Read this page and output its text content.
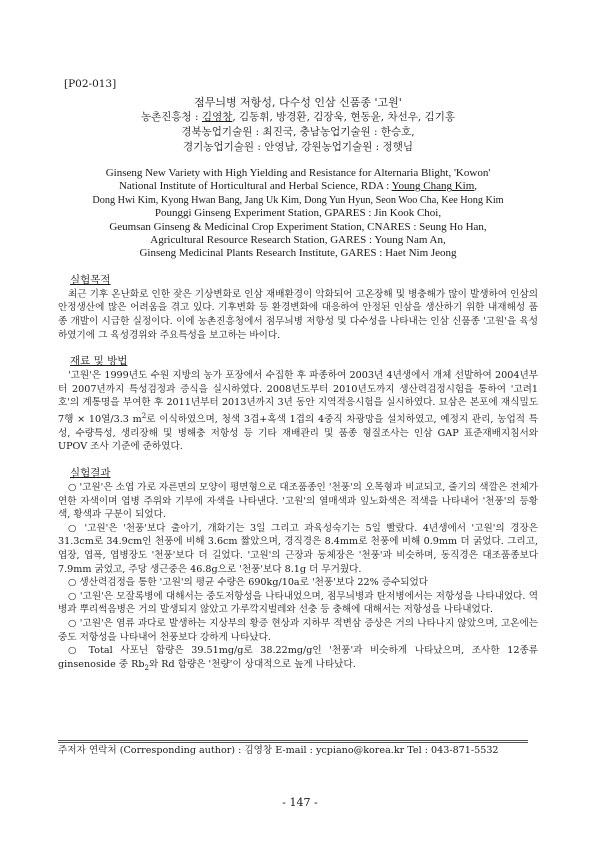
[P02-013]
점무늬병 저항성, 다수성 인삼 신품종 '고원'
농촌진흥청 : 김영창, 김동휘, 방경환, 김장욱, 현동윤, 차선우, 김기홍
경북농업기술원 : 최진국, 충남농업기술원 : 한승호,
경기농업기술원 : 안영남, 강원농업기술원 : 정햇님
Ginseng New Variety with High Yielding and Resistance for Alternaria Blight, 'Kowon'
National Institute of Horticultural and Herbal Science, RDA : Young Chang Kim,
Dong Hwi Kim, Kyong Hwan Bang, Jang Uk Kim, Dong Yun Hyun, Seon Woo Cha, Kee Hong Kim
Pounggi Ginseng Experiment Station, GPARES : Jin Kook Choi,
Geumsan Ginseng & Medicinal Crop Experiment Station, CNARES : Seung Ho Han,
Agricultural Resource Research Station, GARES : Young Nam An,
Ginseng Medicinal Plants Research Institute, GARES : Haet Nim Jeong
실험목적

최근 기후 온난화로 인한 잦은 기상변화로 인삼 재배환경이 악화되어 고온장해 및 병충해가 많이 발생하여 인삼의 안정생산에 많은 어려움을 겪고 있다. 기후변화 등 환경변화에 대응하여 안정된 인삼을 생산하기 위한 내재해성 품종 개발이 시급한 실정이다. 이에 농촌진흥청에서 점무늬병 저항성 및 다수성을 나타내는 인삼 신품종 '고원'을 육성하였기에 그 육성경위와 주요특성을 보고하는 바이다.

재료 및 방법

'고원'은 1999년도 수원 지방의 농가 포장에서 수집한 후 파종하여 2003년 4년생에서 개체 선발하여 2004년부터 2007년까지 특성검정과 증식을 실시하였다. 2008년도부터 2010년도까지 생산력검정시험을 통하여 '고려1호'의 계통명을 부여한 후 2011년부터 2013년까지 3년 동안 지역적응시험을 실시하였다. 묘삼은 본포에 재식밀도 7행 × 10열/3.3 $m^2$로 이식하였으며, 청색 3겹+흑색 1겹의 4중직 차광망을 설치하였고, 예정지 관리, 농업적 특성, 수량특성, 생리장해 및 병해충 저항성 등 기타 재배관리 및 품종 형질조사는 인삼 GAP 표준재배지침서와 UPOV 조사 기준에 준하였다.

실험결과

○ '고원'은 소엽 가로 자른면의 모양이 평면형으로 대조품종인 '천풍'의 오목형과 비교되고, 줄기의 색깔은 전체가 연한 자색이며 엽병 주위와 기부에 자색을 나타낸다. '고원'의 열매색과 잎노화색은 적색을 나타내어 '천풍'의 등황색, 황색과 구분이 되었다.

○ '고원'은 '천풍'보다 출아기, 개화기는 3일 그리고 과육성숙기는 5일 빨랐다. 4년생에서 '고원'의 경장은 31.3cm로 34.9cm인 천풍에 비해 3.6cm 짧았으며, 경직경은 8.4mm로 천풍에 비해 0.9mm 더 굵었다. 그리고, 엽장, 엽폭, 엽병장도 '천풍'보다 더 길었다. '고원'의 근장과 동체장은 '천풍'과 비슷하며, 동직경은 대조품종보다 7.9mm 굵었고, 주당 생근중은 46.8g으로 '천풍'보다 8.1g 더 무거웠다.

○ 생산력검정을 통한 '고원'의 평균 수량은 690kg/10a로 '천풍'보다 22% 증수되었다

○ '고원'은 모잘록병에 대해서는 중도저항성을 나타내었으며, 점무늬병과 탄저병에서는 저항성을 나타내었다. 역병과 뿌리썩음병은 거의 발생되지 않았고 가루깍지벌레와 선충 등 충해에 대해서는 저항성을 나타내었다.

○ '고원'은 염류 과다로 발생하는 지상부의 황증 현상과 지하부 적변삼 증상은 거의 나타나지 않았으며, 고온에는 중도 저항성을 나타내어 천풍보다 강하게 나타났다.

○ Total 사포닌 함량은 39.51mg/g로 38.22mg/g인 '천풍'과 비슷하게 나타났으며, 조사한 12종류 ginsenoside 중 $Rb_2$와 Rd 함량은 '천량'이 상대적으로 높게 나타났다.

주저자 연락처 (Corresponding author) : 김영창 E-mail : ycpiano@korea.kr Tel : 043-871-5532
- 147 -
